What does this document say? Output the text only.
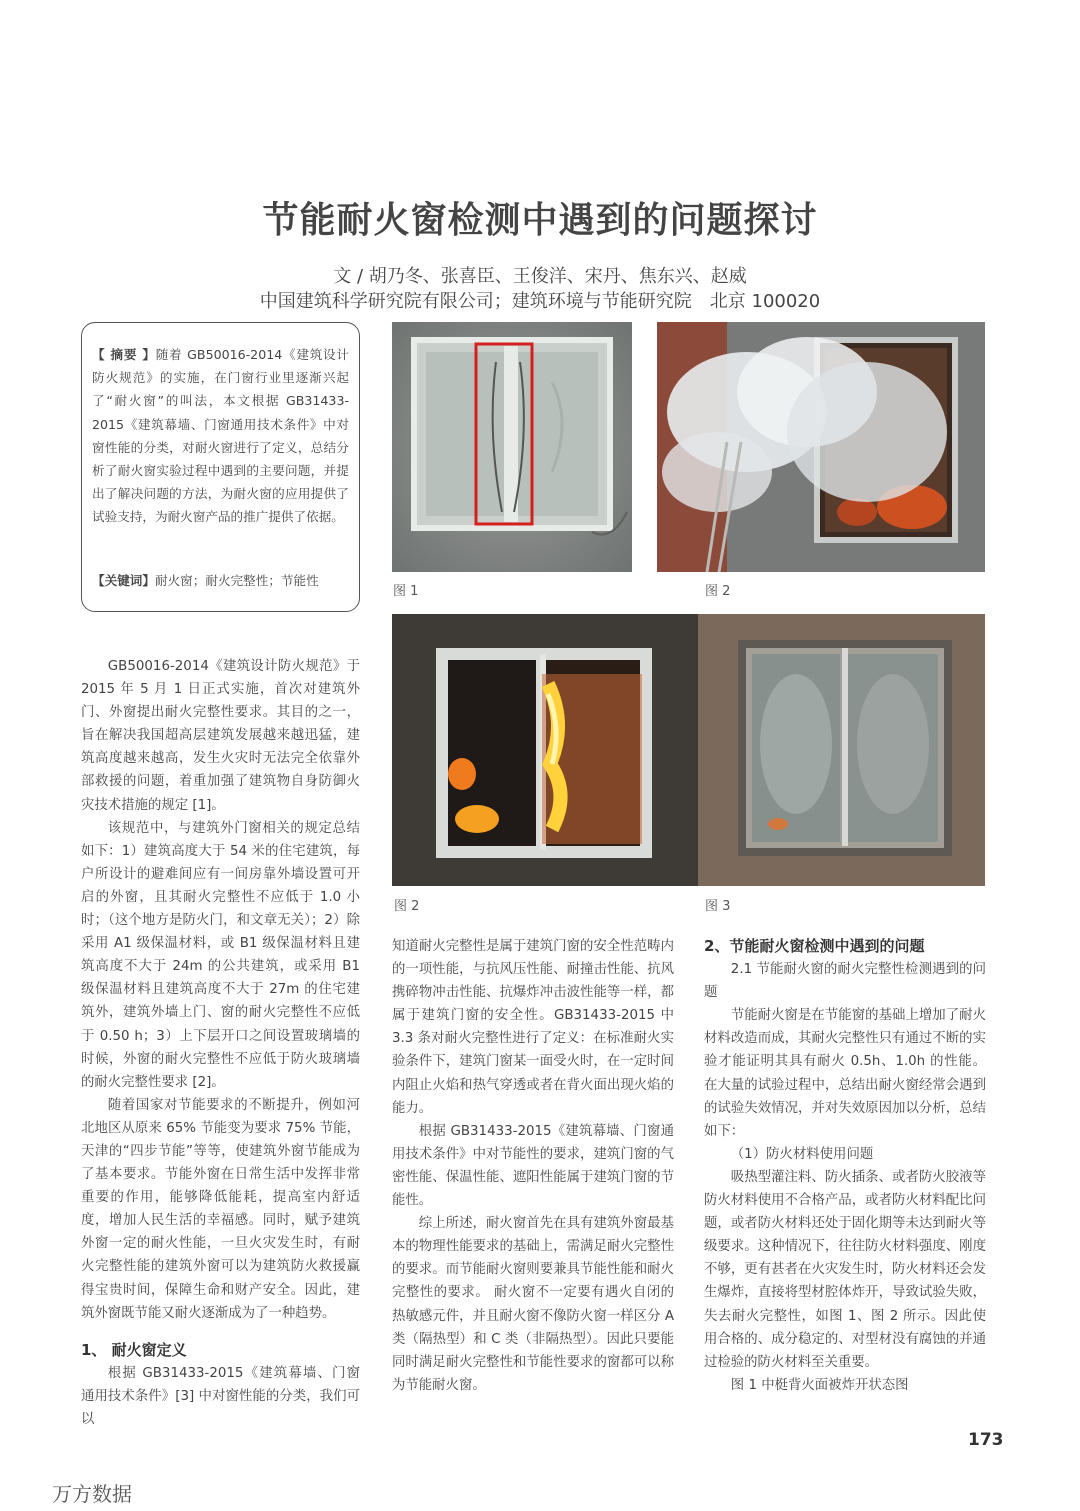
节能耐火窗检测中遇到的问题探讨
文 / 胡乃冬、张喜臣、王俊洋、宋丹、焦东兴、赵威
中国建筑科学研究院有限公司；建筑环境与节能研究院　北京 100020
【 摘要 】随着 GB50016-2014《建筑设计防火规范》的实施，在门窗行业里逐渐兴起了“耐火窗”的叫法，本文根据 GB31433-2015《建筑幕墙、门窗通用技术条件》中对窗性能的分类，对耐火窗进行了定义，总结分析了耐火窗实验过程中遇到的主要问题，并提出了解决问题的方法，为耐火窗的应用提供了试验支持，为耐火窗产品的推广提供了依据。
【关键词】耐火窗；耐火完整性；节能性
图 1	图 2
图 2	图 3

GB50016-2014《建筑设计防火规范》于 2015 年 5 月 1 日正式实施，首次对建筑外门、外窗提出耐火完整性要求。其目的之一，旨在解决我国超高层建筑发展越来越迅猛，建筑高度越来越高，发生火灾时无法完全依靠外部救援的问题，着重加强了建筑物自身防御火灾技术措施的规定 [1]。

该规范中，与建筑外门窗相关的规定总结如下：1）建筑高度大于 54 米的住宅建筑，每户所设计的避难间应有一间房靠外墙设置可开启的外窗，且其耐火完整性不应低于 1.0 小时；（这个地方是防火门，和文章无关）；2）除采用 A1 级保温材料，或 B1 级保温材料且建筑高度不大于 24m 的公共建筑，或采用 B1 级保温材料且建筑高度不大于 27m 的住宅建筑外，建筑外墙上门、窗的耐火完整性不应低于 0.50 h；3）上下层开口之间设置玻璃墙的时候，外窗的耐火完整性不应低于防火玻璃墙的耐火完整性要求 [2]。

随着国家对节能要求的不断提升，例如河北地区从原来 65% 节能变为要求 75% 节能，天津的“四步节能”等等，使建筑外窗节能成为了基本要求。节能外窗在日常生活中发挥非常重要的作用，能够降低能耗，提高室内舒适度，增加人民生活的幸福感。同时，赋予建筑外窗一定的耐火性能，一旦火灾发生时，有耐火完整性能的建筑外窗可以为建筑防火救援赢得宝贵时间，保障生命和财产安全。因此，建筑外窗既节能又耐火逐渐成为了一种趋势。

1、 耐火窗定义

根据 GB31433-2015《建筑幕墙、门窗通用技术条件》[3] 中对窗性能的分类，我们可以

知道耐火完整性是属于建筑门窗的安全性范畴内的一项性能，与抗风压性能、耐撞击性能、抗风携碎物冲击性能、抗爆炸冲击波性能等一样，都属于建筑门窗的安全性。GB31433-2015 中 3.3 条对耐火完整性进行了定义：在标准耐火实验条件下，建筑门窗某一面受火时，在一定时间内阻止火焰和热气穿透或者在背火面出现火焰的能力。

根据 GB31433-2015《建筑幕墙、门窗通用技术条件》中对节能性的要求，建筑门窗的气密性能、保温性能、遮阳性能属于建筑门窗的节能性。

综上所述，耐火窗首先在具有建筑外窗最基本的物理性能要求的基础上，需满足耐火完整性的要求。而节能耐火窗则要兼具节能性能和耐火完整性的要求。 耐火窗不一定要有遇火自闭的热敏感元件，并且耐火窗不像防火窗一样区分 A 类（隔热型）和 C 类（非隔热型）。因此只要能同时满足耐火完整性和节能性要求的窗都可以称为节能耐火窗。

2、节能耐火窗检测中遇到的问题

2.1 节能耐火窗的耐火完整性检测遇到的问题

节能耐火窗是在节能窗的基础上增加了耐火材料改造而成，其耐火完整性只有通过不断的实验才能证明其具有耐火 0.5h、1.0h 的性能。在大量的试验过程中，总结出耐火窗经常会遇到的试验失效情况，并对失效原因加以分析，总结如下：

（1）防火材料使用问题

吸热型灌注料、防火插条、或者防火胶液等防火材料使用不合格产品，或者防火材料配比问题，或者防火材料还处于固化期等未达到耐火等级要求。这种情况下，往往防火材料强度、刚度不够，更有甚者在火灾发生时，防火材料还会发生爆炸，直接将型材腔体炸开，导致试验失败，失去耐火完整性，如图 1、图 2 所示。因此使用合格的、成分稳定的、对型材没有腐蚀的并通过检验的防火材料至关重要。

图 1 中梃背火面被炸开状态图

173
万方数据
